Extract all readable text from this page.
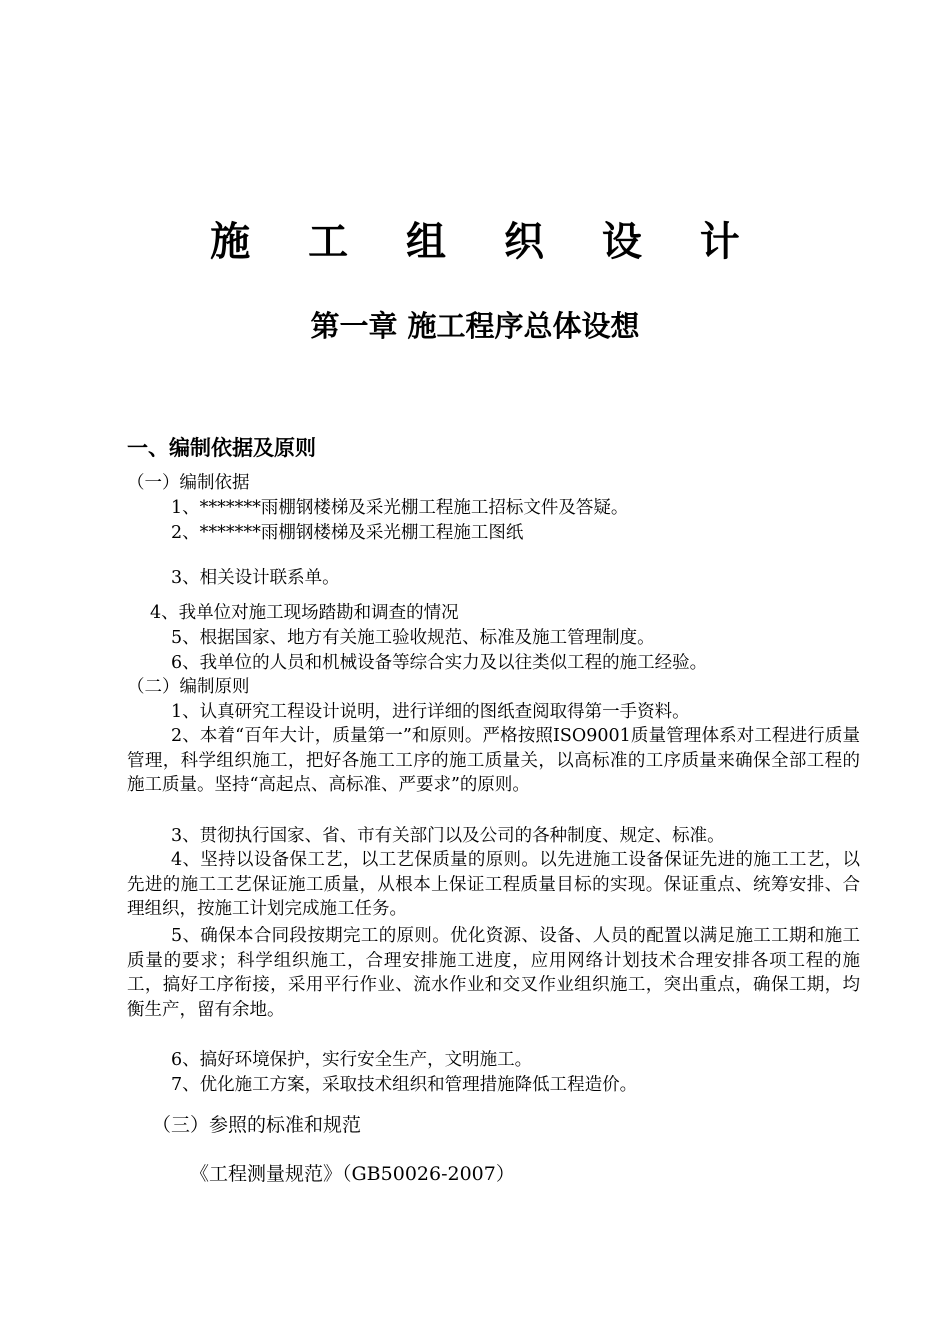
施 工 组 织 设 计
第一章 施工程序总体设想
一、编制依据及原则
（一）编制依据
1、*******雨棚钢楼梯及采光棚工程施工招标文件及答疑。
2、*******雨棚钢楼梯及采光棚工程施工图纸
3、相关设计联系单。
4、我单位对施工现场踏勘和调查的情况
5、根据国家、地方有关施工验收规范、标准及施工管理制度。
6、我单位的人员和机械设备等综合实力及以往类似工程的施工经验。
（二）编制原则
1、认真研究工程设计说明，进行详细的图纸查阅取得第一手资料。
2、本着“百年大计，质量第一”和原则。严格按照ISO9001质量管理体系对工程进行质量管理，科学组织施工，把好各施工工序的施工质量关，以高标准的工序质量来确保全部工程的施工质量。坚持“高起点、高标准、严要求”的原则。
3、贯彻执行国家、省、市有关部门以及公司的各种制度、规定、标准。
4、坚持以设备保工艺，以工艺保质量的原则。以先进施工设备保证先进的施工工艺，以先进的施工工艺保证施工质量，从根本上保证工程质量目标的实现。保证重点、统筹安排、合理组织，按施工计划完成施工任务。
5、确保本合同段按期完工的原则。优化资源、设备、人员的配置以满足施工工期和施工质量的要求；科学组织施工，合理安排施工进度，应用网络计划技术合理安排各项工程的施工，搞好工序衔接，采用平行作业、流水作业和交叉作业组织施工，突出重点，确保工期，均衡生产，留有余地。
6、搞好环境保护，实行安全生产，文明施工。
7、优化施工方案，采取技术组织和管理措施降低工程造价。
（三）参照的标准和规范
《工程测量规范》（GB50026-2007）
